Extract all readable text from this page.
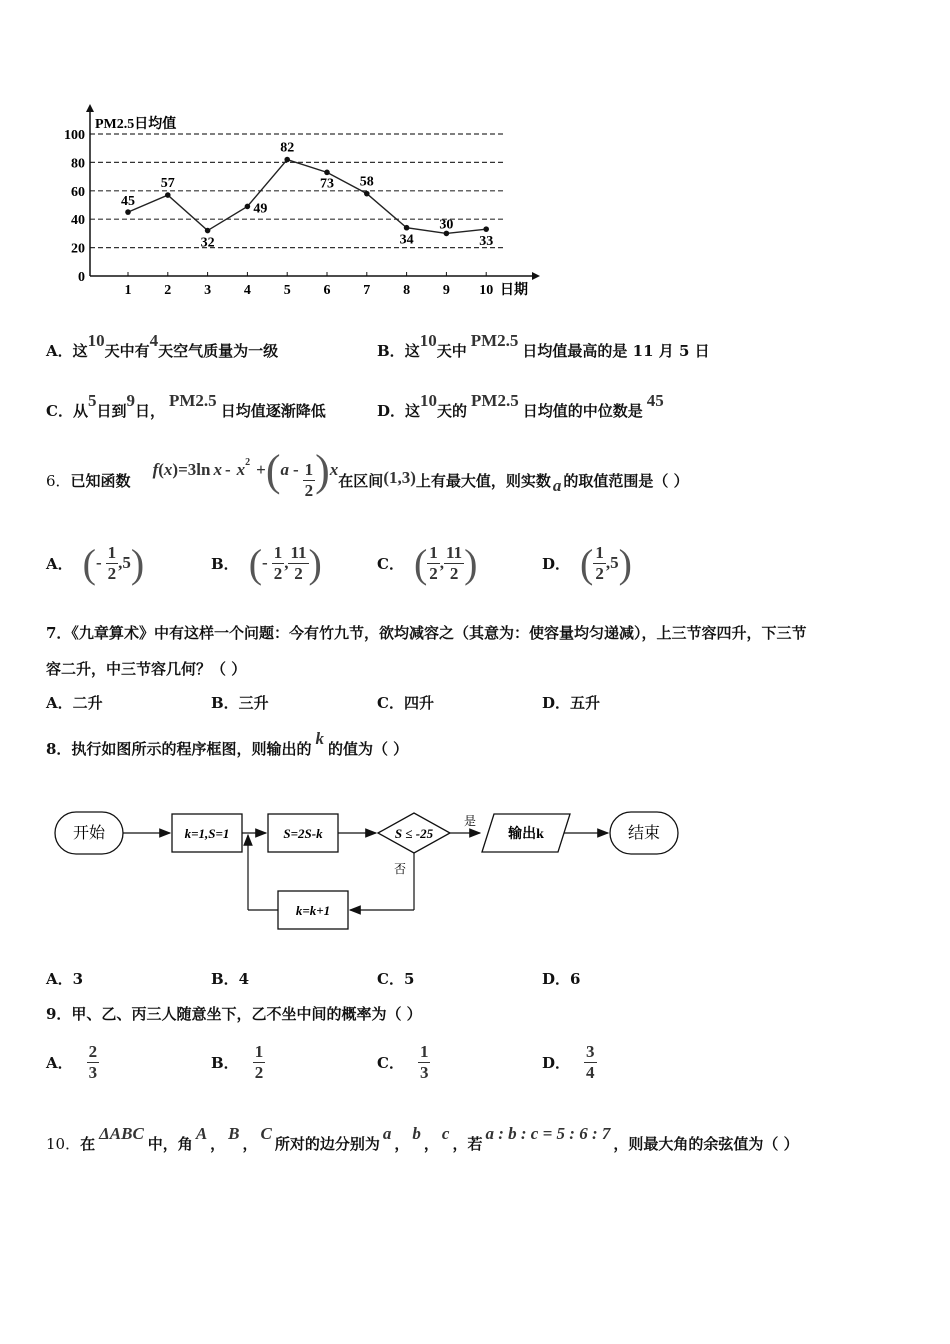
0
20
40
60
80
100
45
57
32
49
82
73 58
34
30
33
1 2 3 4 5 6 7 8 9 10
PM2.5日均值
日期
A．这10天中有4天空气质量为一级	B．这10天中PM2.5日均值最高的是 11 月 5 日
C．从5日到9日，PM2.5日均值逐渐降低	D．这10天的PM2.5日均值的中位数是45
6． 已知函数
f ( x ) =3ln x - x 2 + ( a - $\frac{1}{2}$ ) x
在区间 (1,3) 上有最大值，则实数 a 的取值范围是（ ）
A． ( - $\frac{1}{2} ,5$ )	B． ( - $\frac{1}{2}$ , $\frac{11}{2}$ )	C． ( $\frac{1}{2}$ , $\frac{11}{2}$ )	D． ( $\frac{1}{2} ,5$ )
7．《九章算术》中有这样一个问题：今有竹九节，欲均减容之（其意为：使容量均匀递减），上三节容四升，下三节
容二升，中三节容几何？（ ）
A．二升	B．三升	C．四升	D．五升
8．执行如图所示的程序框图，则输出的k的值为（ ）
开始	k=1,S=1	S=2S-k	S ≤ -25
是
输出k	结束
否
k=k+1
A．3	B．4	C．5	D．6
9．甲、乙、丙三人随意坐下，乙不坐中间的概率为（ ）
A． $\frac{2}{3}$	B． $\frac{1}{2}$	C． $\frac{1}{3}$	D． $\frac{3}{4}$
10．在ΔABC中，角A，B，C所对的边分别为a，b，c，若a : b : c = 5 : 6 : 7，则最大角的余弦值为（ ）
